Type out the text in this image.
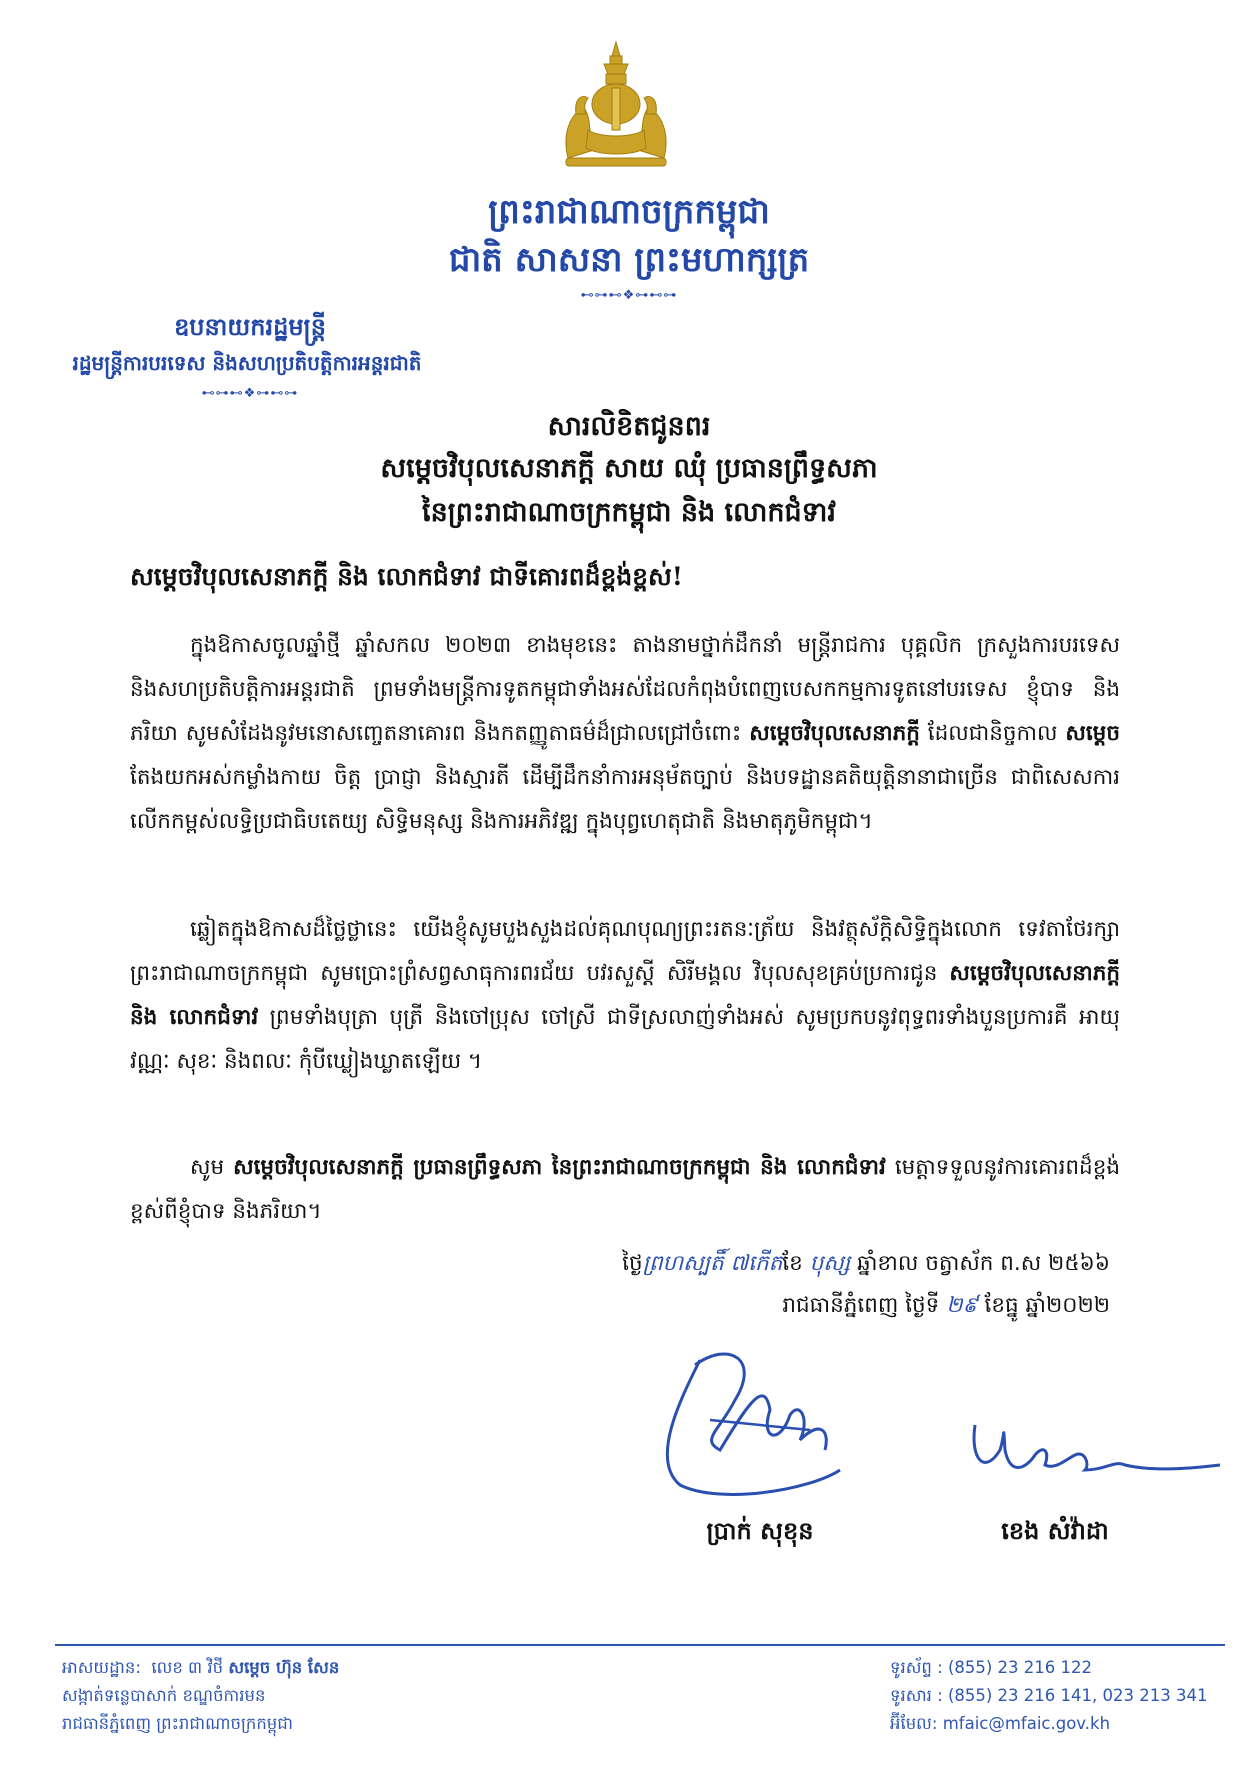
ព្រះរាជាណាចក្រកម្ពុជា
ជាតិ សាសនា ព្រះមហាក្សត្រ
⊷⊶⊷❖⊶⊷⊶
ឧបនាយករដ្ឋមន្ត្រី
រដ្ឋមន្ត្រីការបរទេស និងសហប្រតិបត្តិការអន្តរជាតិ
⊷⊶⊷❖⊶⊷⊶
សារលិខិតជូនពរ
សម្ដេចវិបុលសេនាភក្តី សាយ ឈុំ ប្រធានព្រឹទ្ធសភា
នៃព្រះរាជាណាចក្រកម្ពុជា និង លោកជំទាវ
សម្ដេចវិបុលសេនាភក្តី និង លោកជំទាវ ជាទីគោរពដ៏ខ្ពង់ខ្ពស់!
ក្នុងឱកាសចូលឆ្នាំថ្មី ឆ្នាំសកល ២០២៣ ខាងមុខនេះ តាងនាមថ្នាក់ដឹកនាំ មន្ត្រីរាជការ បុគ្គលិក ក្រសួងការបរទេស និងសហប្រតិបត្តិការអន្តរជាតិ ព្រមទាំងមន្ត្រីការទូតកម្ពុជាទាំងអស់ដែលកំពុងបំពេញបេសកកម្មការទូតនៅបរទេស ខ្ញុំបាទ និងភរិយា សូមសំដែងនូវមនោសញ្ចេតនាគោរព និងកតញ្ញូតាធម៌ដ៏ជ្រាលជ្រៅចំពោះ សម្ដេចវិបុលសេនាភក្តី ដែលជានិច្ចកាល សម្ដេច តែងយកអស់កម្លាំងកាយ ចិត្ត ប្រាជ្ញា និងស្មារតី ដើម្បីដឹកនាំការអនុម័តច្បាប់ និងបទដ្ឋានគតិយុត្តិនានាជាច្រើន ជាពិសេសការលើកកម្ពស់លទ្ធិប្រជាធិបតេយ្យ សិទ្ធិមនុស្ស និងការអភិវឌ្ឍ ក្នុងបុព្វហេតុជាតិ និងមាតុភូមិកម្ពុជា។
ឆ្លៀតក្នុងឱកាសដ៏ថ្លៃថ្លានេះ យើងខ្ញុំសូមបួងសួងដល់គុណបុណ្យព្រះរតនៈត្រ័យ និងវត្ថុស័ក្តិសិទ្ធិក្នុងលោក ទេវតាថែរក្សាព្រះរាជាណាចក្រកម្ពុជា សូមប្រោះព្រំសព្វសាធុការពរជ័យ បវរសួស្តី សិរីមង្គល វិបុលសុខគ្រប់ប្រការជូន សម្ដេចវិបុលសេនាភក្តី និង លោកជំទាវ ព្រមទាំងបុត្រា បុត្រី និងចៅប្រុស ចៅស្រី ជាទីស្រលាញ់ទាំងអស់ សូមប្រកបនូវពុទ្ធពរទាំងបួនប្រការគឺ អាយុ វណ្ណៈ សុខៈ និងពលៈ កុំបីឃ្លៀងឃ្លាតឡើយ ។
សូម សម្ដេចវិបុលសេនាភក្តី ប្រធានព្រឹទ្ធសភា នៃព្រះរាជាណាចក្រកម្ពុជា និង លោកជំទាវ មេត្តាទទួលនូវការគោរពដ៏ខ្ពង់ខ្ពស់ពីខ្ញុំបាទ និងភរិយា។
ថ្ងៃព្រហស្បតិ៍ ៧កើតខែ បុស្ស ឆ្នាំខាល ចត្វាស័ក ព.ស ២៥៦៦
រាជធានីភ្នំពេញ ថ្ងៃទី ២៩ ខែធ្នូ ឆ្នាំ២០២២
ប្រាក់ សុខុន	ខេង សំវ៉ាដា
អាសយដ្ឋាន: លេខ ៣ វិថី សម្ដេច ហ៊ុន សែន
សង្កាត់ទន្លេបាសាក់ ខណ្ឌចំការមន
រាជធានីភ្នំពេញ ព្រះរាជាណាចក្រកម្ពុជា
ទូរស័ព្ទ : (855) 23 216 122
ទូរសារ : (855) 23 216 141, 023 213 341
អ៊ីមែល: mfaic@mfaic.gov.kh
